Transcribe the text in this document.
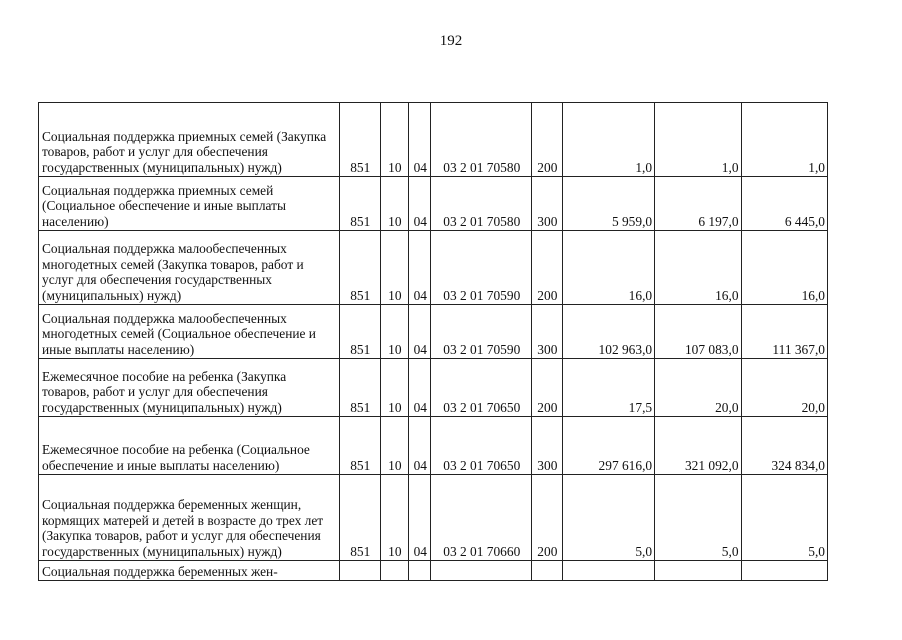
192
Социальная поддержка приемных семей (Закупка товаров, работ и услуг для обеспечения государственных (муниципальных) нужд)	851	10	04	03 2 01 70580	200	1,0	1,0	1,0
Социальная поддержка приемных семей (Социальное обеспечение и иные выплаты населению)	851	10	04	03 2 01 70580	300	5 959,0	6 197,0	6 445,0
Социальная поддержка малообеспеченных многодетных семей (Закупка товаров, работ и услуг для обеспечения государственных (муниципальных) нужд)	851	10	04	03 2 01 70590	200	16,0	16,0	16,0
Социальная поддержка малообеспеченных многодетных семей (Социальное обеспечение и иные выплаты населению)	851	10	04	03 2 01 70590	300	102 963,0	107 083,0	111 367,0
Ежемесячное пособие на ребенка (Закупка товаров, работ и услуг для обеспечения государственных (муниципальных) нужд)	851	10	04	03 2 01 70650	200	17,5	20,0	20,0
Ежемесячное пособие на ребенка (Социальное обеспечение и иные выплаты населению)	851	10	04	03 2 01 70650	300	297 616,0	321 092,0	324 834,0
Социальная поддержка беременных женщин, кормящих матерей и детей в возрасте до трех лет (Закупка товаров, работ и услуг для обеспечения государственных (муниципальных) нужд)	851	10	04	03 2 01 70660	200	5,0	5,0	5,0
Социальная поддержка беременных жен-								
